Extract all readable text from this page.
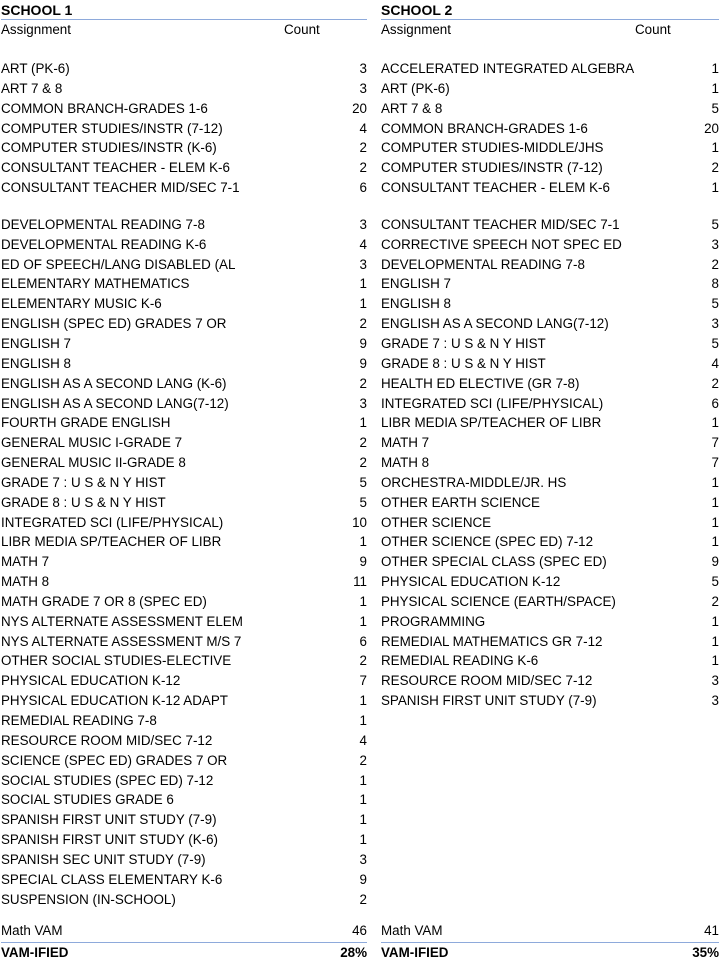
SCHOOL 1
Assignment	Count
ART (PK-6)	3
ART 7 & 8	3
COMMON BRANCH-GRADES 1-6	20
COMPUTER STUDIES/INSTR (7-12)	4
COMPUTER STUDIES/INSTR (K-6)	2
CONSULTANT TEACHER - ELEM K-6	2
CONSULTANT TEACHER MID/SEC 7-1	6
DEVELOPMENTAL READING 7-8	3
DEVELOPMENTAL READING K-6	4
ED OF SPEECH/LANG DISABLED (AL	3
ELEMENTARY MATHEMATICS	1
ELEMENTARY MUSIC K-6	1
ENGLISH (SPEC ED) GRADES 7 OR	2
ENGLISH 7	9
ENGLISH 8	9
ENGLISH AS A SECOND LANG (K-6)	2
ENGLISH AS A SECOND LANG(7-12)	3
FOURTH GRADE ENGLISH	1
GENERAL MUSIC I-GRADE 7	2
GENERAL MUSIC II-GRADE 8	2
GRADE 7 : U S & N Y HIST	5
GRADE 8 : U S & N Y HIST	5
INTEGRATED SCI (LIFE/PHYSICAL)	10
LIBR MEDIA SP/TEACHER OF LIBR	1
MATH 7	9
MATH 8	11
MATH GRADE 7 OR 8 (SPEC ED)	1
NYS ALTERNATE ASSESSMENT ELEM	1
NYS ALTERNATE ASSESSMENT M/S 7	6
OTHER SOCIAL STUDIES-ELECTIVE	2
PHYSICAL EDUCATION K-12	7
PHYSICAL EDUCATION K-12 ADAPT	1
REMEDIAL READING 7-8	1
RESOURCE ROOM MID/SEC 7-12	4
SCIENCE (SPEC ED) GRADES 7 OR	2
SOCIAL STUDIES (SPEC ED) 7-12	1
SOCIAL STUDIES GRADE 6	1
SPANISH FIRST UNIT STUDY (7-9)	1
SPANISH FIRST UNIT STUDY (K-6)	1
SPANISH SEC UNIT STUDY (7-9)	3
SPECIAL CLASS ELEMENTARY K-6	9
SUSPENSION (IN-SCHOOL)	2
Math VAM	46
VAM-IFIED	28%
SCHOOL 2
Assignment	Count
ACCELERATED INTEGRATED ALGEBRA	1
ART (PK-6)	1
ART 7 & 8	5
COMMON BRANCH-GRADES 1-6	20
COMPUTER STUDIES-MIDDLE/JHS	1
COMPUTER STUDIES/INSTR (7-12)	2
CONSULTANT TEACHER - ELEM K-6	1
CONSULTANT TEACHER MID/SEC 7-1	5
CORRECTIVE SPEECH NOT SPEC ED	3
DEVELOPMENTAL READING 7-8	2
ENGLISH 7	8
ENGLISH 8	5
ENGLISH AS A SECOND LANG(7-12)	3
GRADE 7 : U S & N Y HIST	5
GRADE 8 : U S & N Y HIST	4
HEALTH ED ELECTIVE (GR 7-8)	2
INTEGRATED SCI (LIFE/PHYSICAL)	6
LIBR MEDIA SP/TEACHER OF LIBR	1
MATH 7	7
MATH 8	7
ORCHESTRA-MIDDLE/JR. HS	1
OTHER EARTH SCIENCE	1
OTHER SCIENCE	1
OTHER SCIENCE (SPEC ED) 7-12	1
OTHER SPECIAL CLASS (SPEC ED)	9
PHYSICAL EDUCATION K-12	5
PHYSICAL SCIENCE (EARTH/SPACE)	2
PROGRAMMING	1
REMEDIAL MATHEMATICS GR 7-12	1
REMEDIAL READING K-6	1
RESOURCE ROOM MID/SEC 7-12	3
SPANISH FIRST UNIT STUDY (7-9)	3
Math VAM	41
VAM-IFIED	35%
